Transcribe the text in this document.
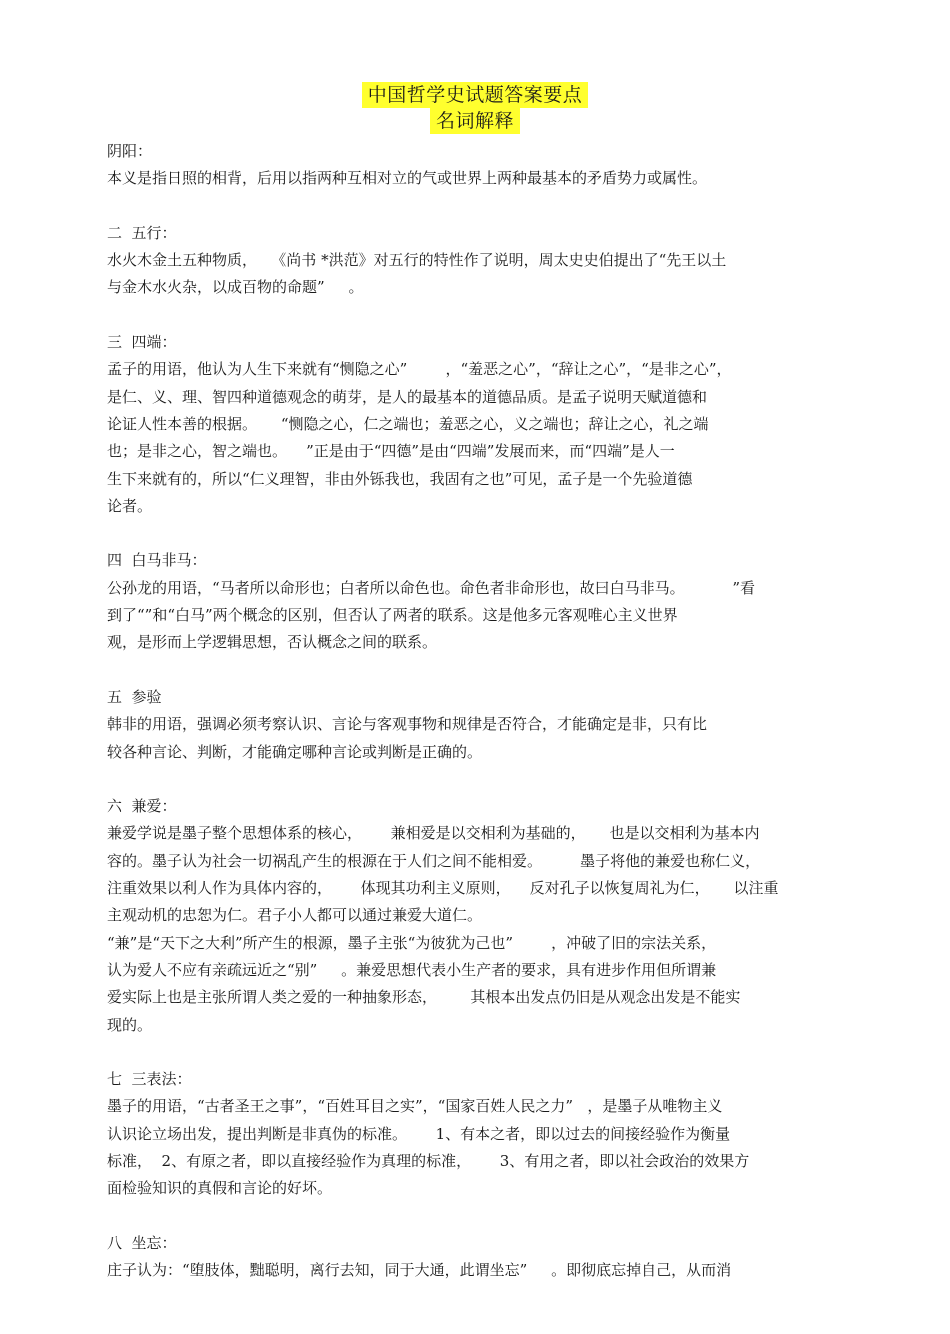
中国哲学史试题答案要点
名词解释
阴阳：
本义是指日照的相背，后用以指两种互相对立的气或世界上两种最基本的矛盾势力或属性。
二  五行：
水火木金土五种物质，   《尚书 *洪范》对五行的特性作了说明，周太史史伯提出了“先王以土
与金木水火杂，以成百物的命题”     。
三  四端：
孟子的用语，他认为人生下来就有“恻隐之心”        ，“羞恶之心”，“辞让之心”，“是非之心”，
是仁、义、理、智四种道德观念的萌芽，是人的最基本的道德品质。是孟子说明天赋道德和
论证人性本善的根据。     “恻隐之心，仁之端也；羞恶之心，义之端也；辞让之心，礼之端
也；是非之心，智之端也。    ”正是由于“四德”是由“四端”发展而来，而“四端”是人一
生下来就有的，所以“仁义理智，非由外铄我也，我固有之也”可见，孟子是一个先验道德
论者。
四  白马非马：
公孙龙的用语，“马者所以命形也；白者所以命色也。命色者非命形也，故曰白马非马。          ”看
到了“”和“白马”两个概念的区别，但否认了两者的联系。这是他多元客观唯心主义世界
观，是形而上学逻辑思想，否认概念之间的联系。
五  参验
韩非的用语，强调必须考察认识、言论与客观事物和规律是否符合，才能确定是非，只有比
较各种言论、判断，才能确定哪种言论或判断是正确的。
六  兼爱：
兼爱学说是墨子整个思想体系的核心，      兼相爱是以交相利为基础的，     也是以交相利为基本内
容的。墨子认为社会一切祸乱产生的根源在于人们之间不能相爱。        墨子将他的兼爱也称仁义，
注重效果以利人作为具体内容的，      体现其功利主义原则，    反对孔子以恢复周礼为仁，     以注重
主观动机的忠恕为仁。君子小人都可以通过兼爱大道仁。
“兼”是“天下之大利”所产生的根源，墨子主张“为彼犹为己也”        ，冲破了旧的宗法关系，
认为爱人不应有亲疏远近之“别”     。兼爱思想代表小生产者的要求，具有进步作用但所谓兼
爱实际上也是主张所谓人类之爱的一种抽象形态，       其根本出发点仍旧是从观念出发是不能实
现的。
七  三表法：
墨子的用语，“古者圣王之事”，“百姓耳目之实”，“国家百姓人民之力”   ，是墨子从唯物主义
认识论立场出发，提出判断是非真伪的标准。      1、有本之者，即以过去的间接经验作为衡量
标准，  2、有原之者，即以直接经验作为真理的标准，      3、有用之者，即以社会政治的效果方
面检验知识的真假和言论的好坏。
八  坐忘：
庄子认为：“堕肢体，黜聪明，离行去知，同于大通，此谓坐忘”     。即彻底忘掉自己，从而消
